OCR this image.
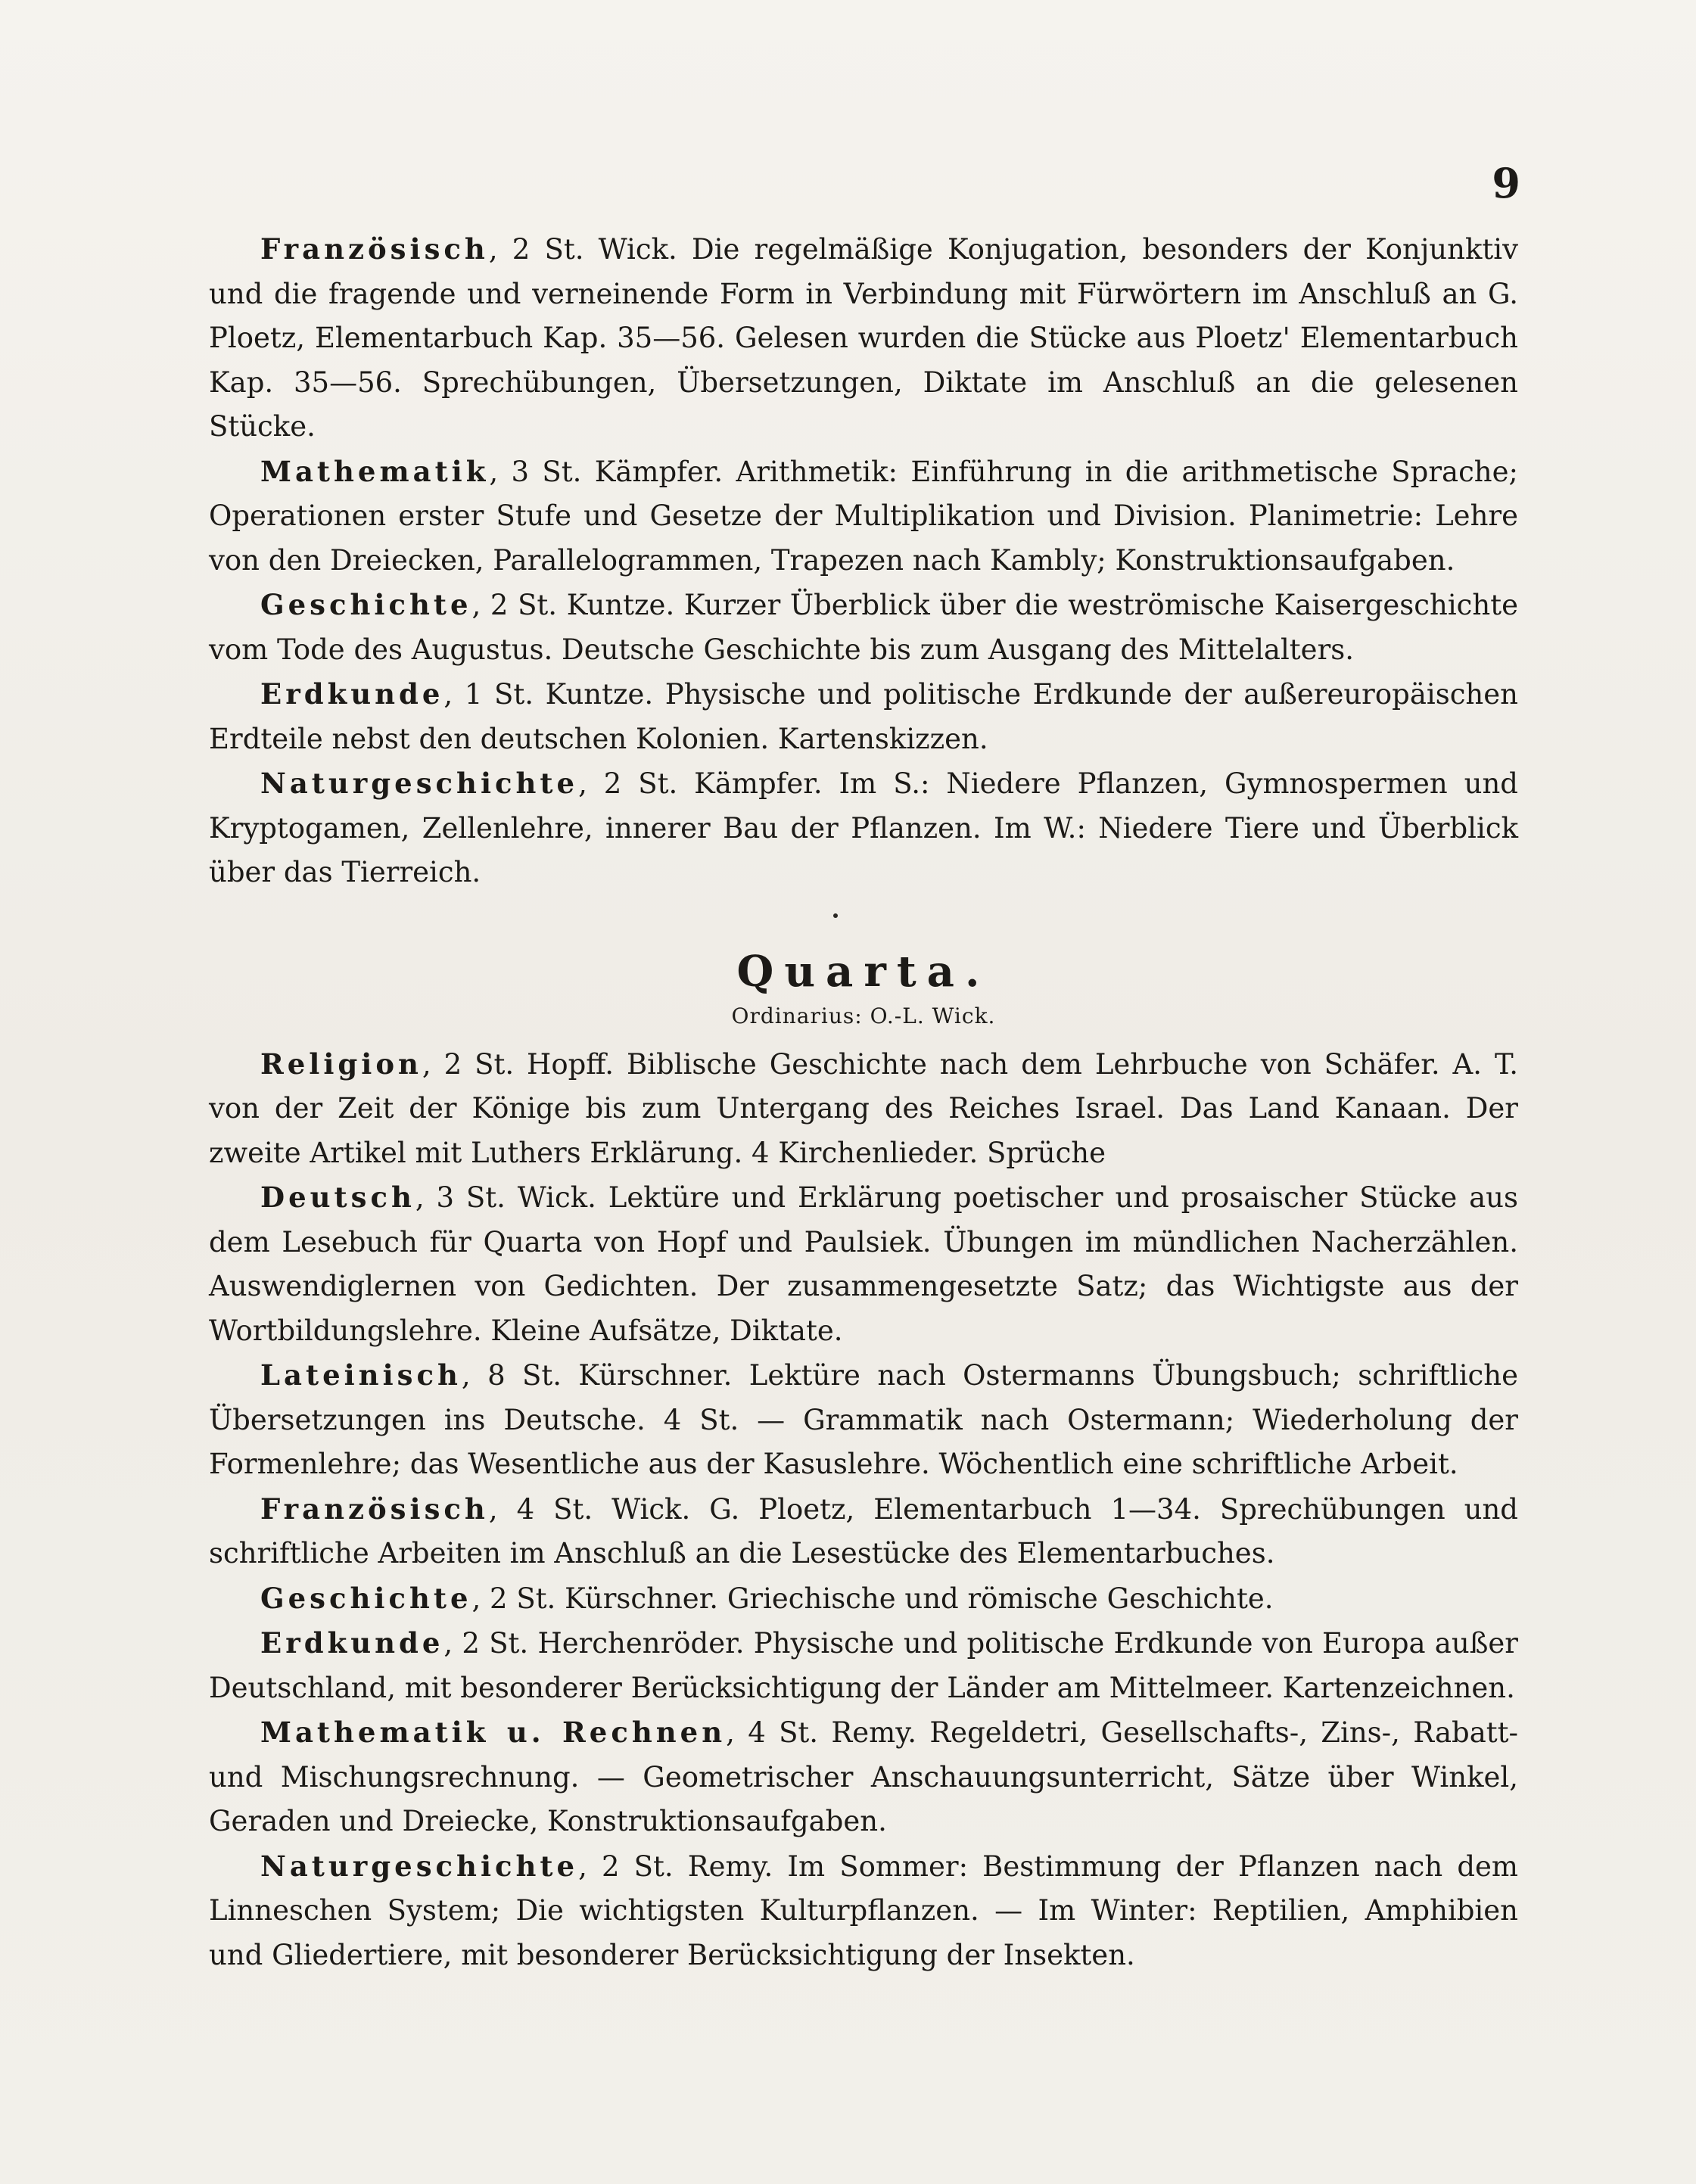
9

Französisch, 2 St. Wick. Die regelmäßige Konjugation, besonders der Konjunktiv und die fragende und verneinende Form in Verbindung mit Fürwörtern im Anschluß an G. Ploetz, Elementarbuch Kap. 35—56. Gelesen wurden die Stücke aus Ploetz' Elementarbuch Kap. 35—56. Sprechübungen, Übersetzungen, Diktate im Anschluß an die gelesenen Stücke.

Mathematik, 3 St. Kämpfer. Arithmetik: Einführung in die arithmetische Sprache; Operationen erster Stufe und Gesetze der Multiplikation und Division. Planimetrie: Lehre von den Dreiecken, Parallelogrammen, Trapezen nach Kambly; Konstruktionsaufgaben.

Geschichte, 2 St. Kuntze. Kurzer Überblick über die weströmische Kaisergeschichte vom Tode des Augustus. Deutsche Geschichte bis zum Ausgang des Mittelalters.

Erdkunde, 1 St. Kuntze. Physische und politische Erdkunde der außereuropäischen Erdteile nebst den deutschen Kolonien. Kartenskizzen.

Naturgeschichte, 2 St. Kämpfer. Im S.: Niedere Pflanzen, Gymnospermen und Kryptogamen, Zellenlehre, innerer Bau der Pflanzen. Im W.: Niedere Tiere und Überblick über das Tierreich.

Quarta.
Ordinarius: O.-L. Wick.

Religion, 2 St. Hopff. Biblische Geschichte nach dem Lehrbuche von Schäfer. A. T. von der Zeit der Könige bis zum Untergang des Reiches Israel. Das Land Kanaan. Der zweite Artikel mit Luthers Erklärung. 4 Kirchenlieder. Sprüche

Deutsch, 3 St. Wick. Lektüre und Erklärung poetischer und prosaischer Stücke aus dem Lesebuch für Quarta von Hopf und Paulsiek. Übungen im mündlichen Nacherzählen. Auswendiglernen von Gedichten. Der zusammengesetzte Satz; das Wichtigste aus der Wortbildungslehre. Kleine Aufsätze, Diktate.

Lateinisch, 8 St. Kürschner. Lektüre nach Ostermanns Übungsbuch; schriftliche Übersetzungen ins Deutsche. 4 St. — Grammatik nach Ostermann; Wiederholung der Formenlehre; das Wesentliche aus der Kasuslehre. Wöchentlich eine schriftliche Arbeit.

Französisch, 4 St. Wick. G. Ploetz, Elementarbuch 1—34. Sprechübungen und schriftliche Arbeiten im Anschluß an die Lesestücke des Elementarbuches.

Geschichte, 2 St. Kürschner. Griechische und römische Geschichte.

Erdkunde, 2 St. Herchenröder. Physische und politische Erdkunde von Europa außer Deutschland, mit besonderer Berücksichtigung der Länder am Mittelmeer. Kartenzeichnen.

Mathematik u. Rechnen, 4 St. Remy. Regeldetri, Gesellschafts-, Zins-, Rabatt- und Mischungsrechnung. — Geometrischer Anschauungsunterricht, Sätze über Winkel, Geraden und Dreiecke, Konstruktionsaufgaben.

Naturgeschichte, 2 St. Remy. Im Sommer: Bestimmung der Pflanzen nach dem Linneschen System; Die wichtigsten Kulturpflanzen. — Im Winter: Reptilien, Amphibien und Gliedertiere, mit besonderer Berücksichtigung der Insekten.
